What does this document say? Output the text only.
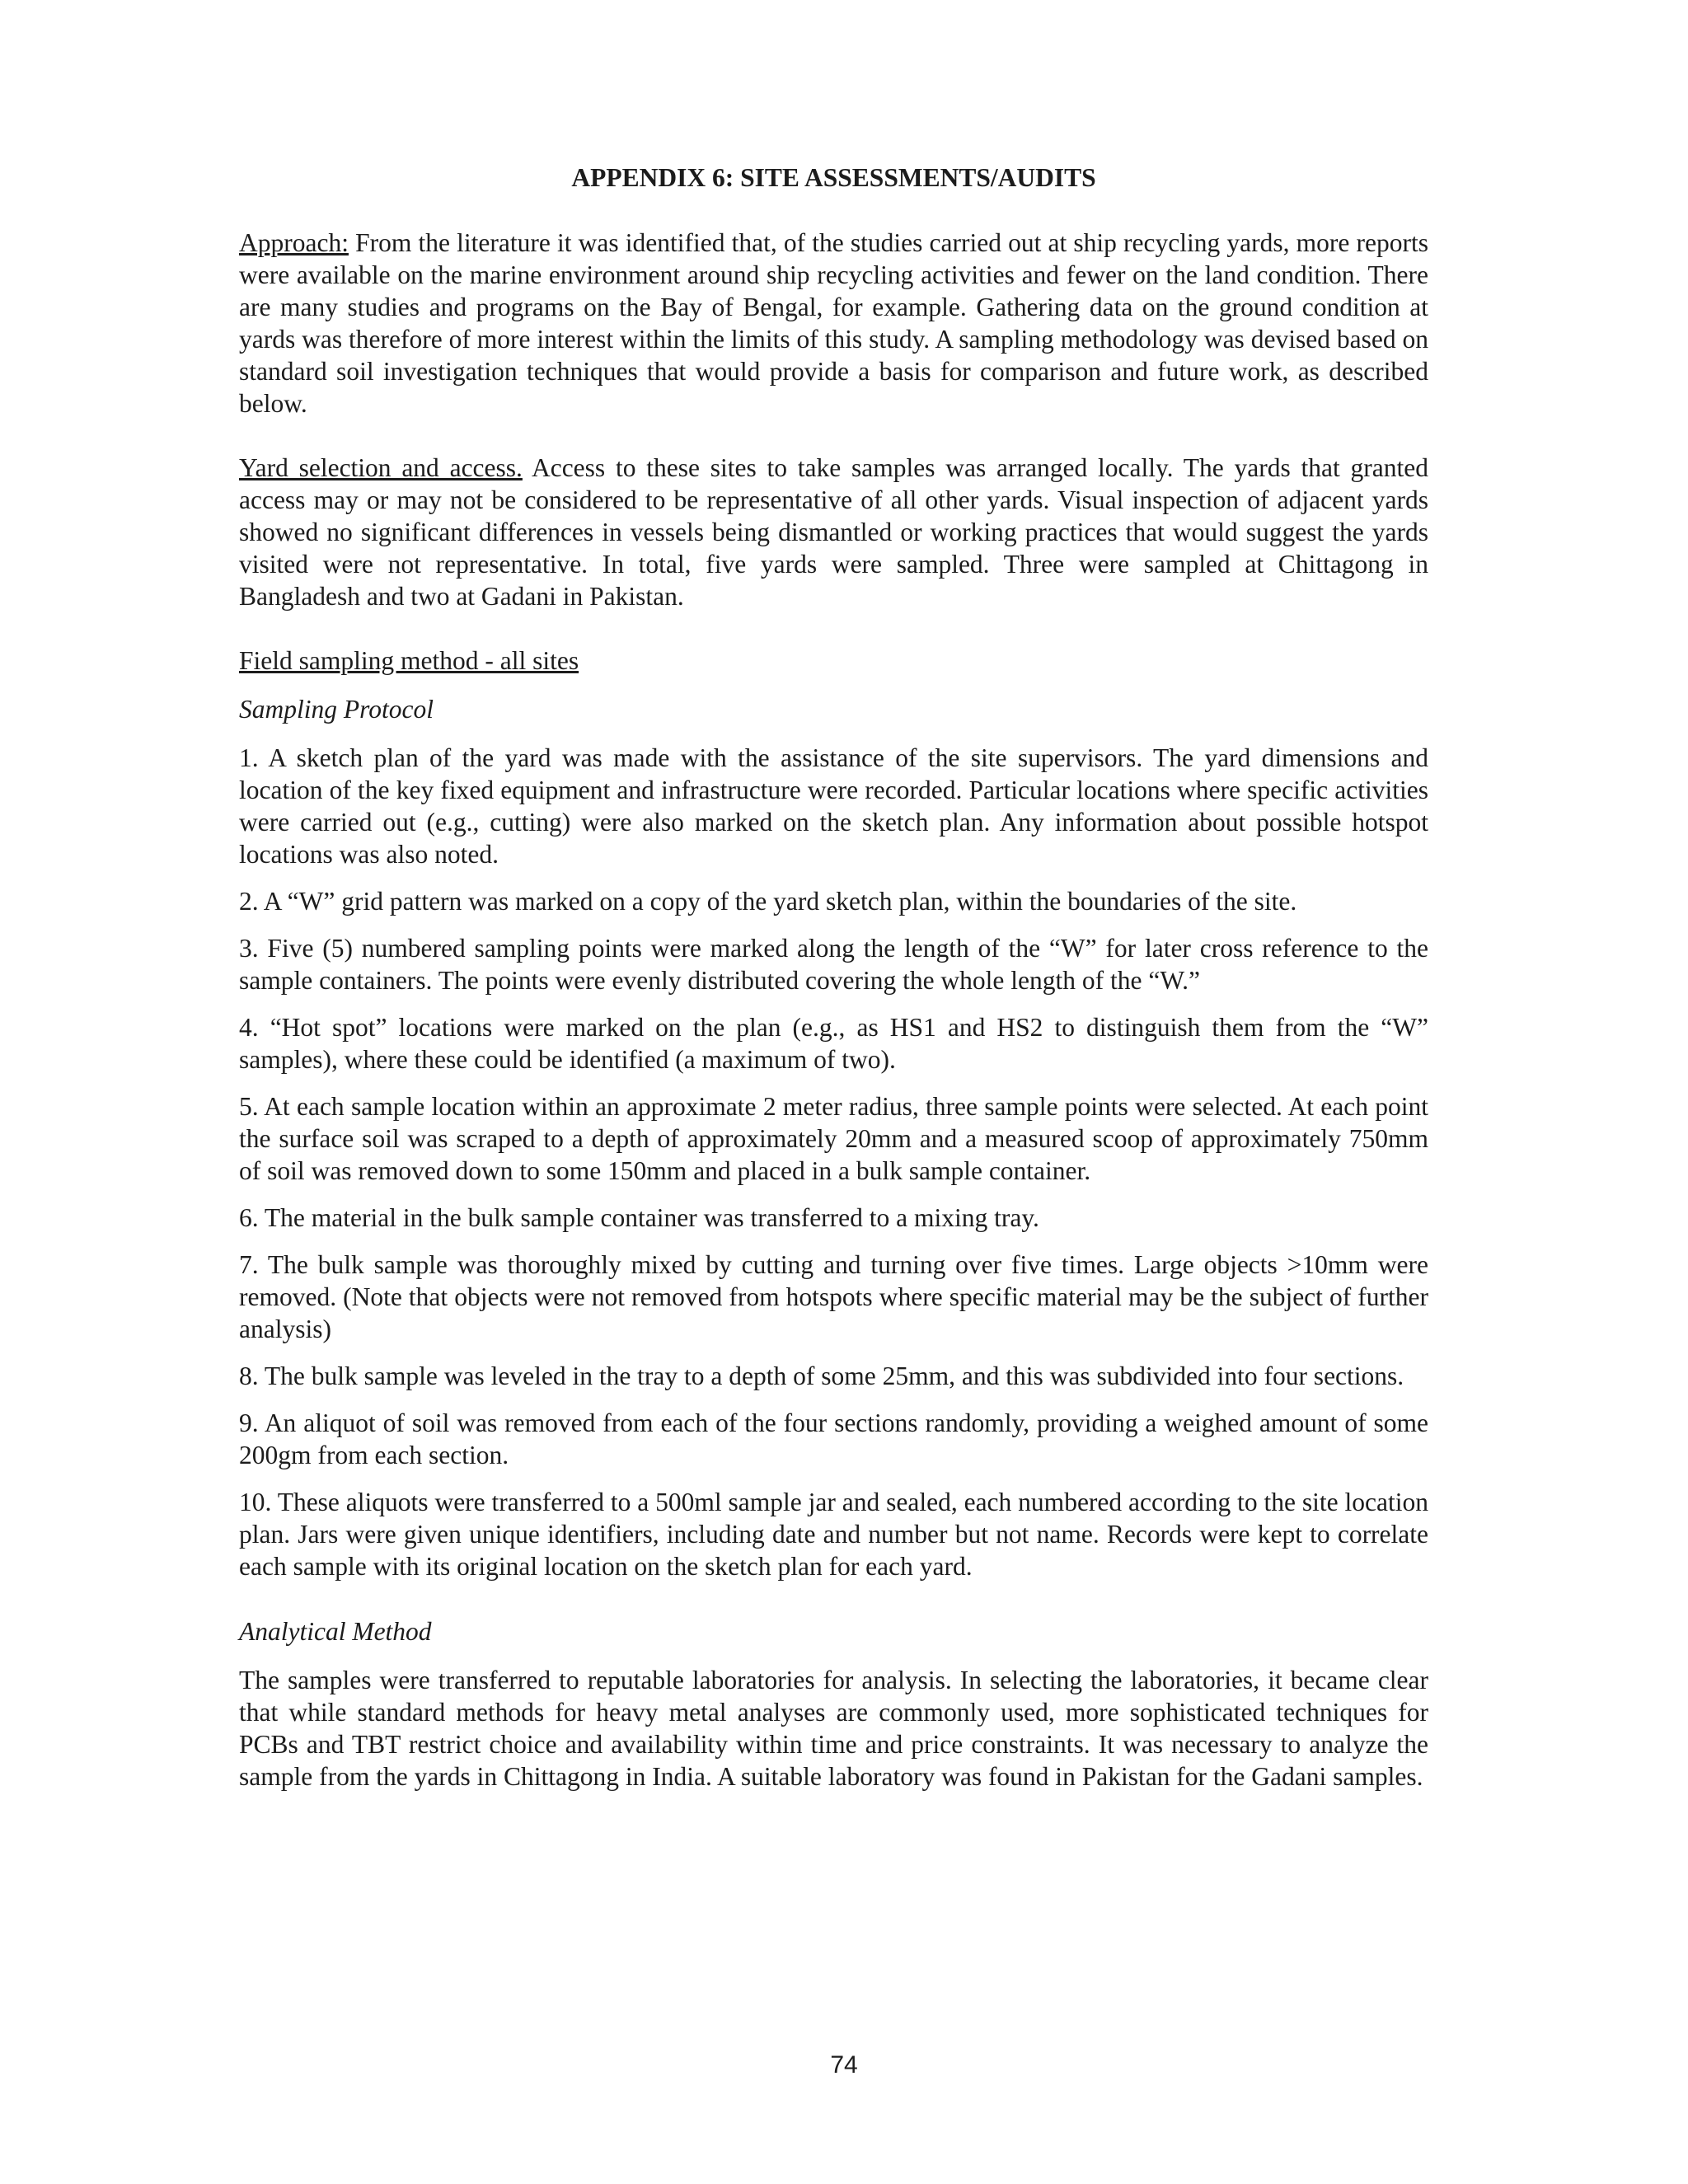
APPENDIX 6: SITE ASSESSMENTS/AUDITS

Approach: From the literature it was identified that, of the studies carried out at ship recycling yards, more reports were available on the marine environment around ship recycling activities and fewer on the land condition. There are many studies and programs on the Bay of Bengal, for example. Gathering data on the ground condition at yards was therefore of more interest within the limits of this study. A sampling methodology was devised based on standard soil investigation techniques that would provide a basis for comparison and future work, as described below.

Yard selection and access. Access to these sites to take samples was arranged locally. The yards that granted access may or may not be considered to be representative of all other yards. Visual inspection of adjacent yards showed no significant differences in vessels being dismantled or working practices that would suggest the yards visited were not representative. In total, five yards were sampled. Three were sampled at Chittagong in Bangladesh and two at Gadani in Pakistan.

Field sampling method - all sites

Sampling Protocol

1. A sketch plan of the yard was made with the assistance of the site supervisors. The yard dimensions and location of the key fixed equipment and infrastructure were recorded. Particular locations where specific activities were carried out (e.g., cutting) were also marked on the sketch plan. Any information about possible hotspot locations was also noted.

2. A “W” grid pattern was marked on a copy of the yard sketch plan, within the boundaries of the site.

3. Five (5) numbered sampling points were marked along the length of the “W” for later cross reference to the sample containers. The points were evenly distributed covering the whole length of the “W.”

4. “Hot spot” locations were marked on the plan (e.g., as HS1 and HS2 to distinguish them from the “W” samples), where these could be identified (a maximum of two).

5. At each sample location within an approximate 2 meter radius, three sample points were selected. At each point the surface soil was scraped to a depth of approximately 20mm and a measured scoop of approximately 750mm of soil was removed down to some 150mm and placed in a bulk sample container.

6. The material in the bulk sample container was transferred to a mixing tray.

7. The bulk sample was thoroughly mixed by cutting and turning over five times. Large objects >10mm were removed. (Note that objects were not removed from hotspots where specific material may be the subject of further analysis)

8. The bulk sample was leveled in the tray to a depth of some 25mm, and this was subdivided into four sections.

9. An aliquot of soil was removed from each of the four sections randomly, providing a weighed amount of some 200gm from each section.

10. These aliquots were transferred to a 500ml sample jar and sealed, each numbered according to the site location plan. Jars were given unique identifiers, including date and number but not name. Records were kept to correlate each sample with its original location on the sketch plan for each yard.

Analytical Method

The samples were transferred to reputable laboratories for analysis. In selecting the laboratories, it became clear that while standard methods for heavy metal analyses are commonly used, more sophisticated techniques for PCBs and TBT restrict choice and availability within time and price constraints. It was necessary to analyze the sample from the yards in Chittagong in India. A suitable laboratory was found in Pakistan for the Gadani samples.

74
